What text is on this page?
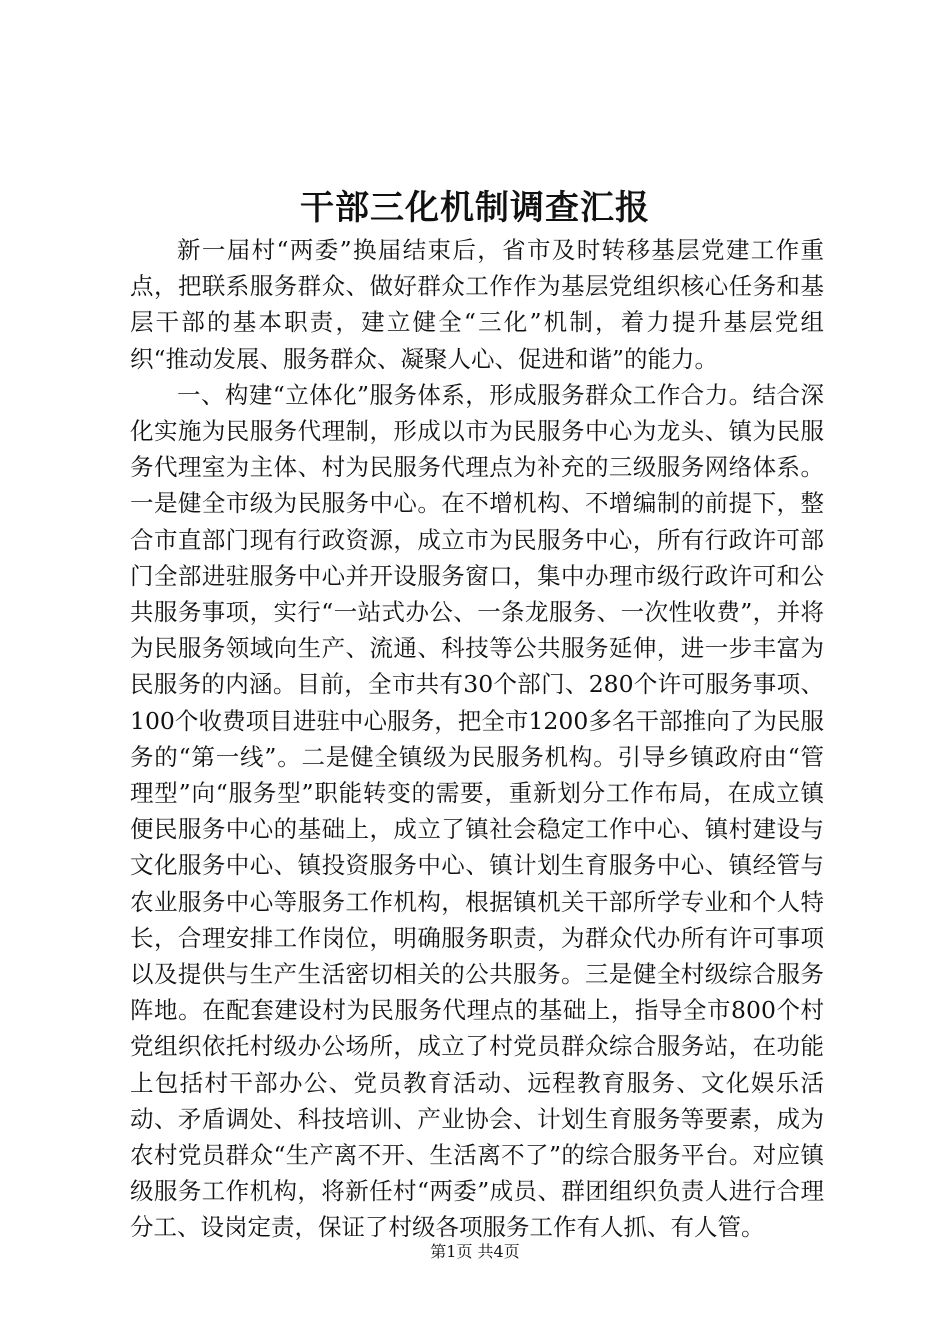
干部三化机制调查汇报

新一届村“两委”换届结束后，省市及时转移基层党建工作重点，把联系服务群众、做好群众工作作为基层党组织核心任务和基层干部的基本职责，建立健全“三化”机制，着力提升基层党组织“推动发展、服务群众、凝聚人心、促进和谐”的能力。

一、构建“立体化”服务体系，形成服务群众工作合力。结合深化实施为民服务代理制，形成以市为民服务中心为龙头、镇为民服务代理室为主体、村为民服务代理点为补充的三级服务网络体系。一是健全市级为民服务中心。在不增机构、不增编制的前提下，整合市直部门现有行政资源，成立市为民服务中心，所有行政许可部门全部进驻服务中心并开设服务窗口，集中办理市级行政许可和公共服务事项，实行“一站式办公、一条龙服务、一次性收费”，并将为民服务领域向生产、流通、科技等公共服务延伸，进一步丰富为民服务的内涵。目前，全市共有30个部门、280个许可服务事项、100个收费项目进驻中心服务，把全市1200多名干部推向了为民服务的“第一线”。二是健全镇级为民服务机构。引导乡镇政府由“管理型”向“服务型”职能转变的需要，重新划分工作布局，在成立镇便民服务中心的基础上，成立了镇社会稳定工作中心、镇村建设与文化服务中心、镇投资服务中心、镇计划生育服务中心、镇经管与农业服务中心等服务工作机构，根据镇机关干部所学专业和个人特长，合理安排工作岗位，明确服务职责，为群众代办所有许可事项以及提供与生产生活密切相关的公共服务。三是健全村级综合服务阵地。在配套建设村为民服务代理点的基础上，指导全市800个村党组织依托村级办公场所，成立了村党员群众综合服务站，在功能上包括村干部办公、党员教育活动、远程教育服务、文化娱乐活动、矛盾调处、科技培训、产业协会、计划生育服务等要素，成为农村党员群众“生产离不开、生活离不了”的综合服务平台。对应镇级服务工作机构，将新任村“两委”成员、群团组织负责人进行合理分工、设岗定责，保证了村级各项服务工作有人抓、有人管。

第1页 共4页
